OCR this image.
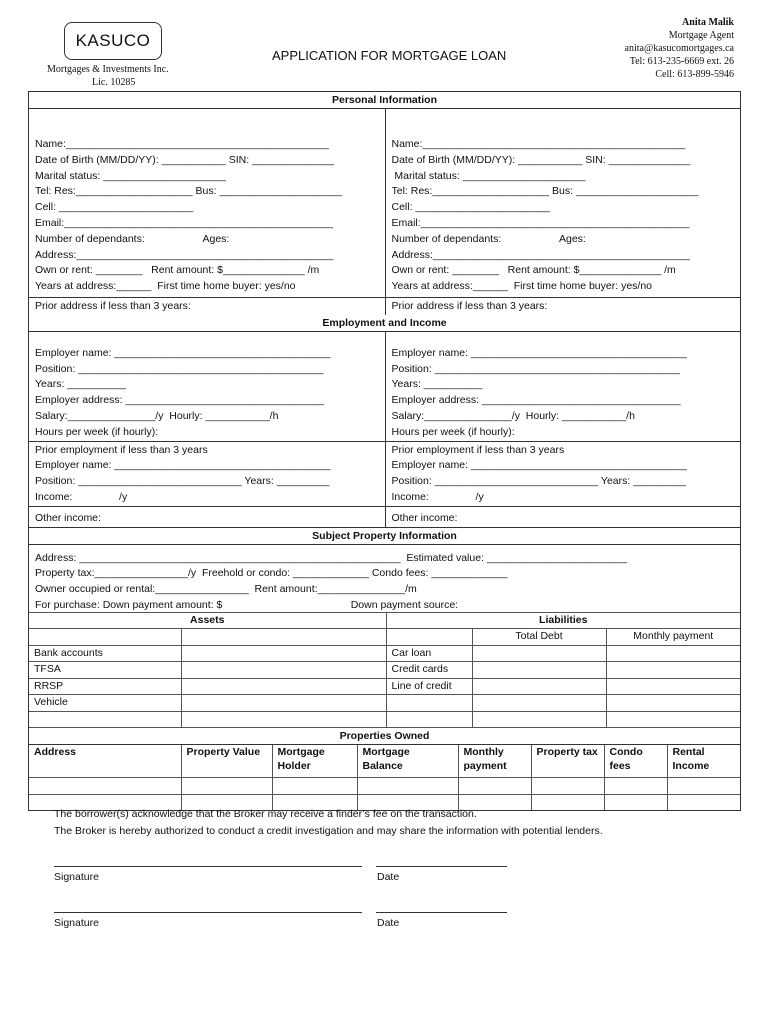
KASUCO
Mortgages & Investments Inc.
Lic. 10285
APPLICATION FOR MORTGAGE LOAN
Anita Malik
Mortgage Agent
anita@kasucomortgages.ca
Tel: 613-235-6669 ext. 26
Cell: 613-899-5946
Personal Information
Name:_____________________________________________
Date of Birth (MM/DD/YY): ___________ SIN: ______________
Marital status: _____________________
Tel: Res:____________________ Bus: _____________________
Cell: _______________________
Email:______________________________________________
Number of dependants:                    Ages:
Address:____________________________________________
Own or rent: ________   Rent amount: $______________ /m
Years at address:______  First time home buyer: yes/no
Name:_____________________________________________
Date of Birth (MM/DD/YY): ___________ SIN: ______________
Marital status: _____________________
Tel: Res:____________________ Bus: _____________________
Cell: _______________________
Email:______________________________________________
Number of dependants:                    Ages:
Address:____________________________________________
Own or rent: ________   Rent amount: $______________ /m
Years at address:______  First time home buyer: yes/no
Prior address if less than 3 years:	Prior address if less than 3 years:
Employment and Income
Employer name: _____________________________________
Position: __________________________________________
Years: __________
Employer address: __________________________________
Salary:_______________/y  Hourly: ___________/h
Hours per week (if hourly):
Employer name: _____________________________________
Position: __________________________________________
Years: __________
Employer address: __________________________________
Salary:_______________/y  Hourly: ___________/h
Hours per week (if hourly):
Prior employment if less than 3 years
Employer name: _____________________________________
Position: ____________________________ Years: _________
Income:                /y
Prior employment if less than 3 years
Employer name: _____________________________________
Position: ____________________________ Years: _________
Income:                /y
Other income:	Other income:
Subject Property Information
Address: _______________________________________________________  Estimated value: ________________________
Property tax:________________/y  Freehold or condo: _____________ Condo fees: _____________
Owner occupied or rental:________________  Rent amount:_______________/m
For purchase: Down payment amount: $                                            Down payment source:
Assets		Liabilities		
			Total Debt	Monthly payment
Bank accounts		Car loan		
TFSA		Credit cards		
RRSP		Line of credit		
Vehicle				

Properties Owned
Address	Property Value	Mortgage Holder	Mortgage Balance	Monthly payment	Property tax	Condo fees	Rental Income

The borrower(s) acknowledge that the Broker may receive a finder’s fee on the transaction.
The Broker is hereby authorized to conduct a credit investigation and may share the information with potential lenders.
Signature	Date
Signature	Date
